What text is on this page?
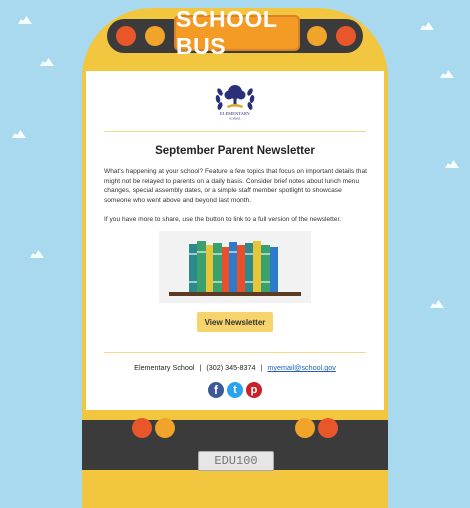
SCHOOL BUS
ELEMENTARY
SCHOOL
September Parent Newsletter

What's happening at your school? Feature a few topics that focus on important details that might not be relayed to parents on a daily basis. Consider brief notes about lunch menu changes, special assembly dates, or a simple staff member spotlight to showcase someone who went above and beyond last month.

If you have more to share, use the button to link to a full version of the newsletter.

View Newsletter
Elementary School | (302) 345-8374 | myemail@school.gov
f	t	p
EDU100
